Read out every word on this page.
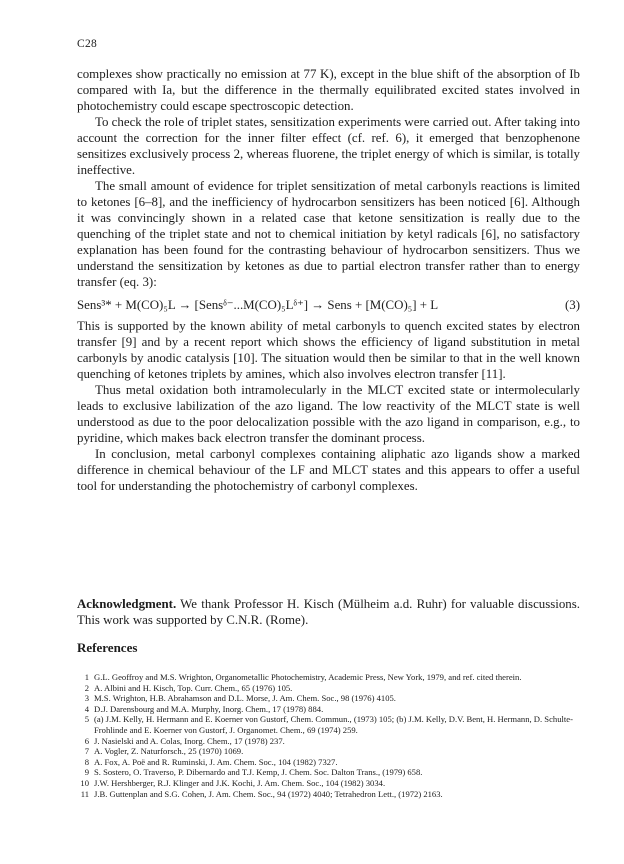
C28

complexes show practically no emission at 77 K), except in the blue shift of the absorption of Ib compared with Ia, but the difference in the thermally equilibrated excited states involved in photochemistry could escape spectroscopic detection.

To check the role of triplet states, sensitization experiments were carried out. After taking into account the correction for the inner filter effect (cf. ref. 6), it emerged that benzophenone sensitizes exclusively process 2, whereas fluorene, the triplet energy of which is similar, is totally ineffective.

The small amount of evidence for triplet sensitization of metal carbonyls reactions is limited to ketones [6–8], and the inefficiency of hydrocarbon sensitizers has been noticed [6]. Although it was convincingly shown in a related case that ketone sensitization is really due to the quenching of the triplet state and not to chemical initiation by ketyl radicals [6], no satisfactory explanation has been found for the contrasting behaviour of hydrocarbon sensitizers. Thus we understand the sensitization by ketones as due to partial electron transfer rather than to energy transfer (eq. 3):

Sens³* + M(CO)₅L → [Sensᵟ⁻...M(CO)₅Lᵟ⁺] → Sens + [M(CO)₅] + L	(3)

This is supported by the known ability of metal carbonyls to quench excited states by electron transfer [9] and by a recent report which shows the efficiency of ligand substitution in metal carbonyls by anodic catalysis [10]. The situation would then be similar to that in the well known quenching of ketones triplets by amines, which also involves electron transfer [11].

Thus metal oxidation both intramolecularly in the MLCT excited state or intermolecularly leads to exclusive labilization of the azo ligand. The low reactivity of the MLCT state is well understood as due to the poor delocalization possible with the azo ligand in comparison, e.g., to pyridine, which makes back electron transfer the dominant process.

In conclusion, metal carbonyl complexes containing aliphatic azo ligands show a marked difference in chemical behaviour of the LF and MLCT states and this appears to offer a useful tool for understanding the photochemistry of carbonyl complexes.

Acknowledgment. We thank Professor H. Kisch (Mülheim a.d. Ruhr) for valuable discussions. This work was supported by C.N.R. (Rome).

References
1 G.L. Geoffroy and M.S. Wrighton, Organometallic Photochemistry, Academic Press, New York, 1979, and ref. cited therein.
2 A. Albini and H. Kisch, Top. Curr. Chem., 65 (1976) 105.
3 M.S. Wrighton, H.B. Abrahamson and D.L. Morse, J. Am. Chem. Soc., 98 (1976) 4105.
4 D.J. Darensbourg and M.A. Murphy, Inorg. Chem., 17 (1978) 884.
5 (a) J.M. Kelly, H. Hermann and E. Koerner von Gustorf, Chem. Commun., (1973) 105; (b) J.M. Kelly, D.V. Bent, H. Hermann, D. Schulte-Frohlinde and E. Koerner von Gustorf, J. Organomet. Chem., 69 (1974) 259.
6 J. Nasielski and A. Colas, Inorg. Chem., 17 (1978) 237.
7 A. Vogler, Z. Naturforsch., 25 (1970) 1069.
8 A. Fox, A. Poë and R. Ruminski, J. Am. Chem. Soc., 104 (1982) 7327.
9 S. Sostero, O. Traverso, P. Dibernardo and T.J. Kemp, J. Chem. Soc. Dalton Trans., (1979) 658.
10 J.W. Hershberger, R.J. Klinger and J.K. Kochi, J. Am. Chem. Soc., 104 (1982) 3034.
11 J.B. Guttenplan and S.G. Cohen, J. Am. Chem. Soc., 94 (1972) 4040; Tetrahedron Lett., (1972) 2163.
